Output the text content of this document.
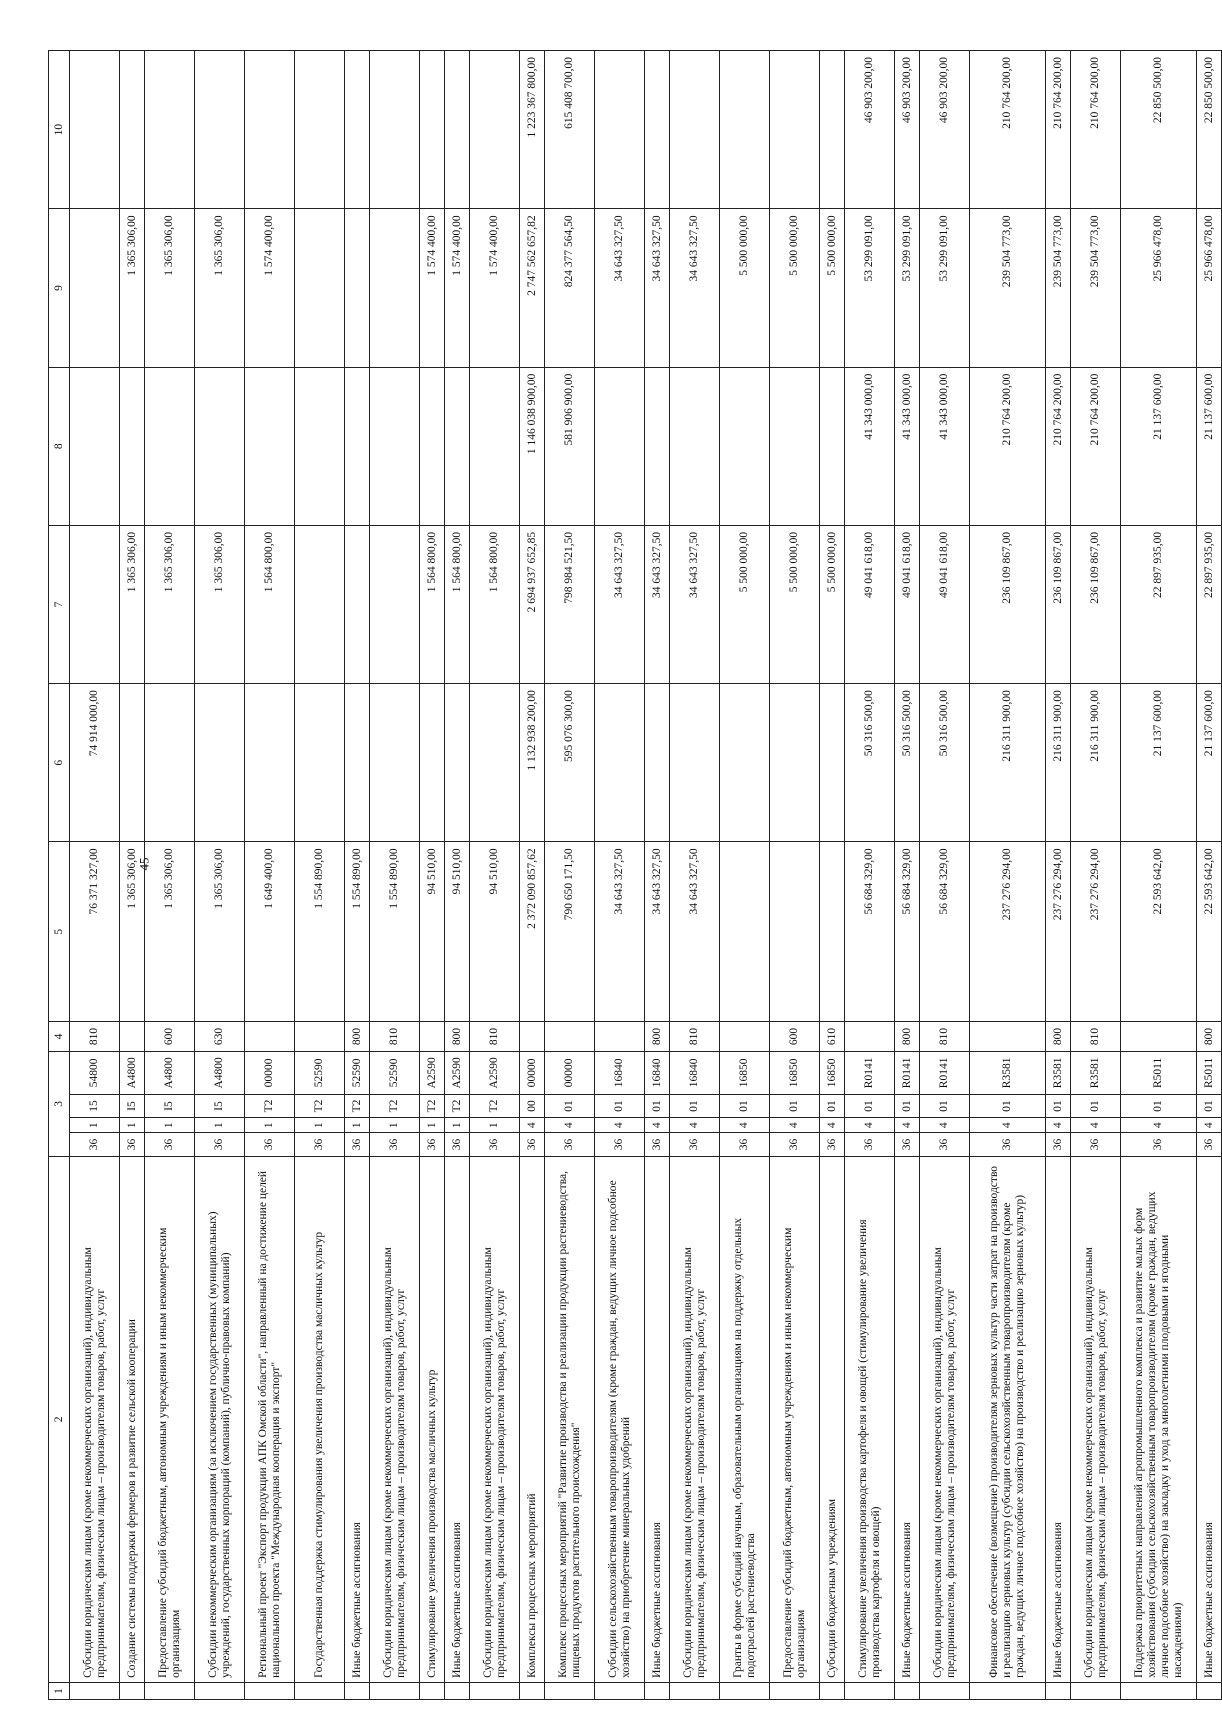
45
1	2	3				4	5	6	7	8	9	10
	Субсидии юридическим лицам (кроме некоммерческих организаций), индивидуальным предпринимателям, физическим лицам – производителям товаров, работ, услуг	36	1	15	54800	810	76 371 327,00	74 914 000,00				
	Создание системы поддержки фермеров и развитие сельской кооперации	36	1	I5	A4800		1 365 306,00		1 365 306,00		1 365 306,00	
	Предоставление субсидий бюджетным, автономным учреждениям и иным некоммерческим организациям	36	1	I5	A4800	600	1 365 306,00		1 365 306,00		1 365 306,00	
	Субсидии некоммерческим организациям (за исключением государственных (муниципальных) учреждений, государственных корпораций (компаний), публично-правовых компаний)	36	1	I5	A4800	630	1 365 306,00		1 365 306,00		1 365 306,00	
	Региональный проект "Экспорт продукции АПК Омской области", направленный на достижение целей национального проекта "Международная кооперация и экспорт"	36	1	T2	00000		1 649 400,00		1 564 800,00		1 574 400,00	
	Государственная поддержка стимулирования увеличения производства масличных культур	36	1	T2	52590		1 554 890,00					
	Иные бюджетные ассигнования	36	1	T2	52590	800	1 554 890,00					
	Субсидии юридическим лицам (кроме некоммерческих организаций), индивидуальным предпринимателям, физическим лицам – производителям товаров, работ, услуг	36	1	T2	52590	810	1 554 890,00					
	Стимулирование увеличения производства масличных культур	36	1	T2	A2590		94 510,00		1 564 800,00		1 574 400,00	
	Иные бюджетные ассигнования	36	1	T2	A2590	800	94 510,00		1 564 800,00		1 574 400,00	
	Субсидии юридическим лицам (кроме некоммерческих организаций), индивидуальным предпринимателям, физическим лицам – производителям товаров, работ, услуг	36	1	T2	A2590	810	94 510,00		1 564 800,00		1 574 400,00	
	Комплексы процессных мероприятий	36	4	00	00000		2 372 090 857,62	1 132 938 200,00	2 694 937 652,85	1 146 038 900,00	2 747 562 657,82	1 223 367 800,00
	Комплекс процессных мероприятий "Развитие производства и реализации продукции растениеводства, пищевых продуктов растительного происхождения"	36	4	01	00000		790 650 171,50	595 076 300,00	798 984 521,50	581 906 900,00	824 377 564,50	615 408 700,00
	Субсидии сельскохозяйственным товаропроизводителям (кроме граждан, ведущих личное подсобное хозяйство) на приобретение минеральных удобрений	36	4	01	16840		34 643 327,50		34 643 327,50		34 643 327,50	
	Иные бюджетные ассигнования	36	4	01	16840	800	34 643 327,50		34 643 327,50		34 643 327,50	
	Субсидии юридическим лицам (кроме некоммерческих организаций), индивидуальным предпринимателям, физическим лицам – производителям товаров, работ, услуг	36	4	01	16840	810	34 643 327,50		34 643 327,50		34 643 327,50	
	Гранты в форме субсидий научным, образовательным организациям на поддержку отдельных подотраслей растениеводства	36	4	01	16850				5 500 000,00		5 500 000,00	
	Предоставление субсидий бюджетным, автономным учреждениям и иным некоммерческим организациям	36	4	01	16850	600			5 500 000,00		5 500 000,00	
	Субсидии бюджетным учреждениям	36	4	01	16850	610			5 500 000,00		5 500 000,00	
	Стимулирование увеличения производства картофеля и овощей (стимулирование увеличения производства картофеля и овощей)	36	4	01	R0141		56 684 329,00	50 316 500,00	49 041 618,00	41 343 000,00	53 299 091,00	46 903 200,00
	Иные бюджетные ассигнования	36	4	01	R0141	800	56 684 329,00	50 316 500,00	49 041 618,00	41 343 000,00	53 299 091,00	46 903 200,00
	Субсидии юридическим лицам (кроме некоммерческих организаций), индивидуальным предпринимателям, физическим лицам – производителям товаров, работ, услуг	36	4	01	R0141	810	56 684 329,00	50 316 500,00	49 041 618,00	41 343 000,00	53 299 091,00	46 903 200,00
	Финансовое обеспечение (возмещение) производителям зерновых культур части затрат на производство и реализацию зерновых культур (субсидии сельскохозяйственным товаропроизводителям (кроме граждан, ведущих личное подсобное хозяйство) на производство и реализацию зерновых культур)	36	4	01	R3581		237 276 294,00	216 311 900,00	236 109 867,00	210 764 200,00	239 504 773,00	210 764 200,00
	Иные бюджетные ассигнования	36	4	01	R3581	800	237 276 294,00	216 311 900,00	236 109 867,00	210 764 200,00	239 504 773,00	210 764 200,00
	Субсидии юридическим лицам (кроме некоммерческих организаций), индивидуальным предпринимателям, физическим лицам – производителям товаров, работ, услуг	36	4	01	R3581	810	237 276 294,00	216 311 900,00	236 109 867,00	210 764 200,00	239 504 773,00	210 764 200,00
	Поддержка приоритетных направлений агропромышленного комплекса и развитие малых форм хозяйствования (субсидии сельскохозяйственным товаропроизводителям (кроме граждан, ведущих личное подсобное хозяйство) на закладку и уход за многолетними плодовыми и ягодными насаждениями)	36	4	01	R5011		22 593 642,00	21 137 600,00	22 897 935,00	21 137 600,00	25 966 478,00	22 850 500,00
	Иные бюджетные ассигнования	36	4	01	R5011	800	22 593 642,00	21 137 600,00	22 897 935,00	21 137 600,00	25 966 478,00	22 850 500,00
